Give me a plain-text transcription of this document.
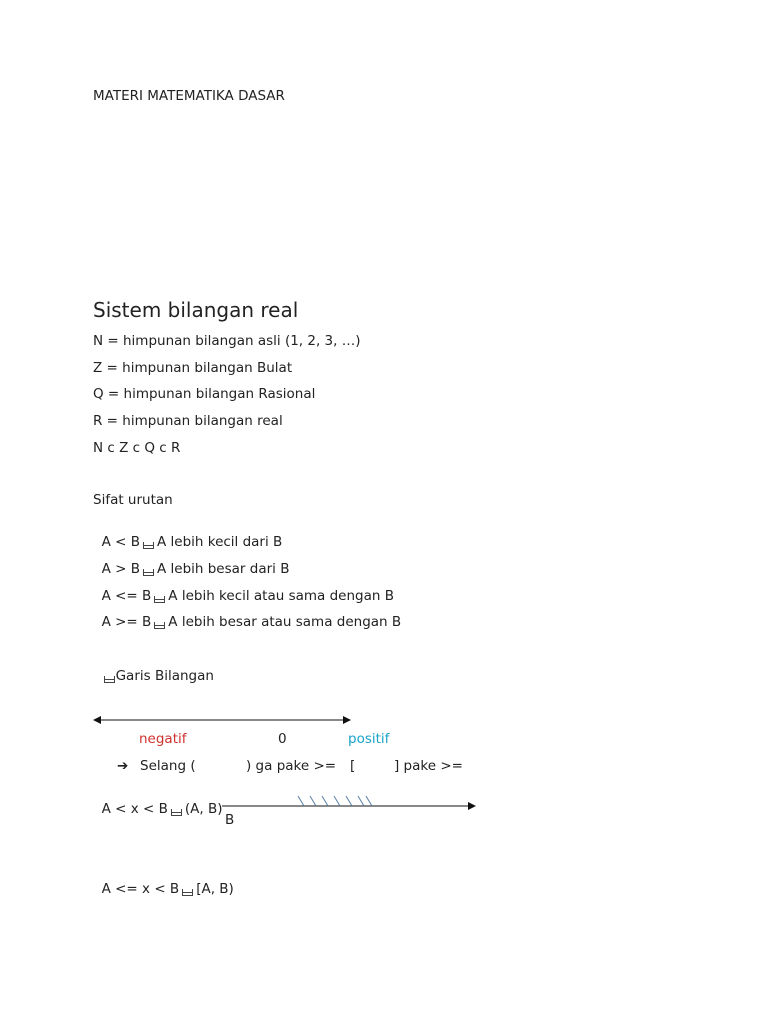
MATERI MATEMATIKA DASAR
Sistem bilangan real
N = himpunan bilangan asli (1, 2, 3, …)
Z = himpunan bilangan Bulat
Q = himpunan bilangan Rasional
R = himpunan bilangan real
N c Z c Q c R
Sifat urutan

A < B A lebih kecil dari B

A > B A lebih besar dari B

A <= B A lebih kecil atau sama dengan B

A >= B A lebih besar atau sama dengan B

Garis Bilangan

negatif	0	positif
➔ Selang (	) ga pake >= [	] pake >=

A < x < B (A, B)

B

A <= x < B [A, B)
